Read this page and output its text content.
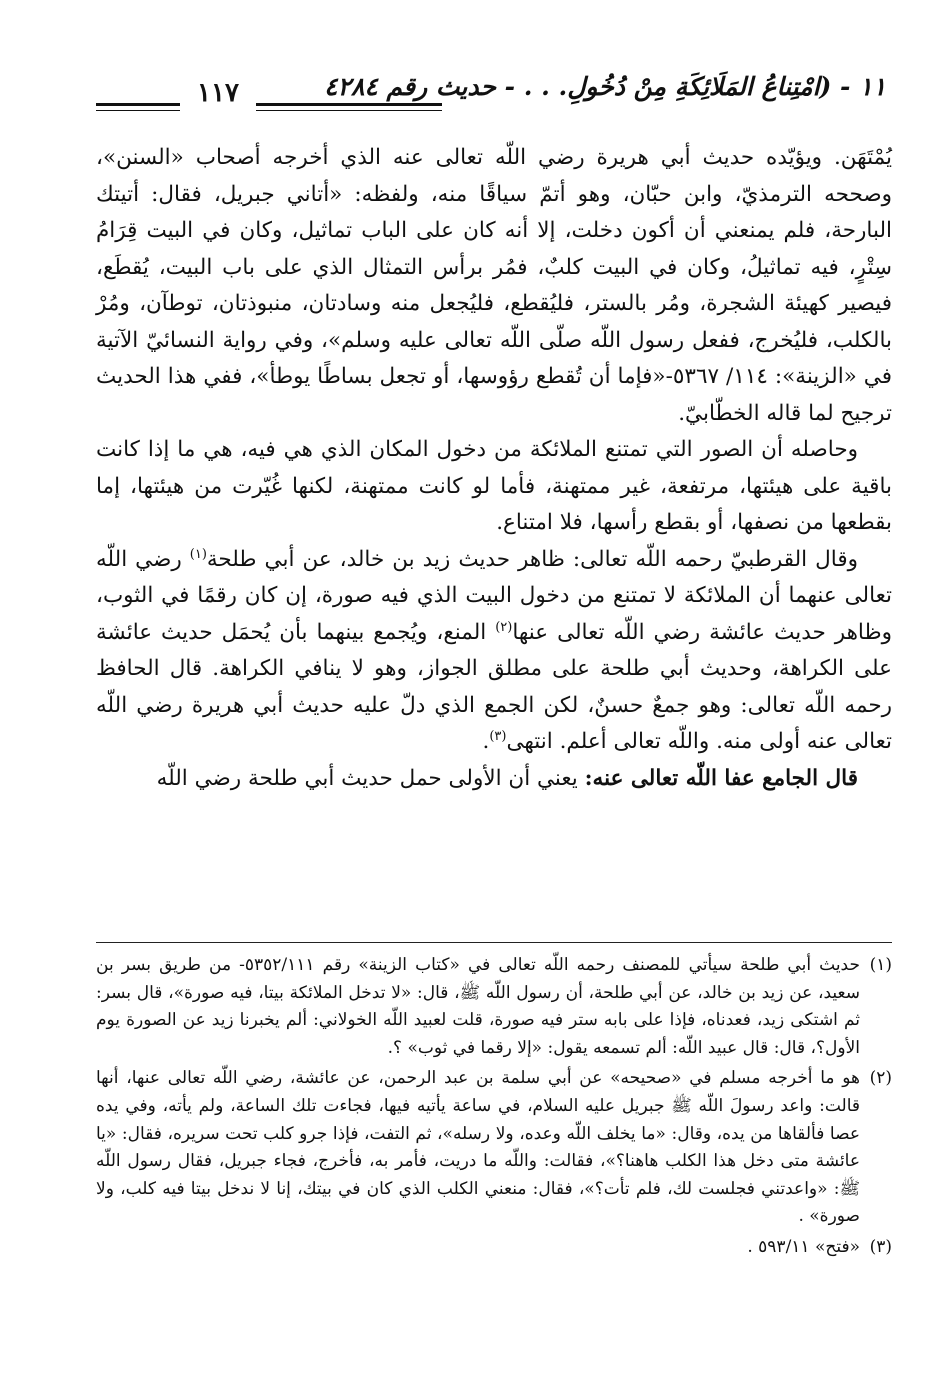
١١ - (امْتِناعُ المَلَائِكَةِ مِنْ دُخُولِ. . . - حديث رقم ٤٢٨٤
١١٧

يُمْتَهَن. ويؤيّده حديث أبي هريرة رضي اللّه تعالى عنه الذي أخرجه أصحاب «السنن»، وصححه الترمذيّ، وابن حبّان، وهو أتمّ سياقًا منه، ولفظه: «أتاني جبريل، فقال: أتيتك البارحة، فلم يمنعني أن أكون دخلت، إلا أنه كان على الباب تماثيل، وكان في البيت قِرَامُ سِتْرٍ، فيه تماثيلُ، وكان في البيت كلبٌ، فمُر برأس التمثال الذي على باب البيت، يُقطَع، فيصير كهيئة الشجرة، ومُر بالستر، فليُقطع، فليُجعل منه وسادتان، منبوذتان، توطآن، ومُرْ بالكلب، فليُخرج، ففعل رسول اللّه صلّى اللّه تعالى عليه وسلم»، وفي رواية النسائيّ الآتية في «الزينة»: ١١٤/ ٥٣٦٧-«فإما أن تُقطع رؤوسها، أو تجعل بساطًا يوطأ»، ففي هذا الحديث ترجيح لما قاله الخطّابيّ.

وحاصله أن الصور التي تمتنع الملائكة من دخول المكان الذي هي فيه، هي ما إذا كانت باقية على هيئتها، مرتفعة، غير ممتهنة، فأما لو كانت ممتهنة، لكنها غُيّرت من هيئتها، إما بقطعها من نصفها، أو بقطع رأسها، فلا امتناع.

وقال القرطبيّ رحمه اللّه تعالى: ظاهر حديث زيد بن خالد، عن أبي طلحة$^{(١)}$ رضي اللّه تعالى عنهما أن الملائكة لا تمتنع من دخول البيت الذي فيه صورة، إن كان رقمًا في الثوب، وظاهر حديث عائشة رضي اللّه تعالى عنها$^{(٢)}$ المنع، ويُجمع بينهما بأن يُحمَل حديث عائشة على الكراهة، وحديث أبي طلحة على مطلق الجواز، وهو لا ينافي الكراهة. قال الحافظ رحمه اللّه تعالى: وهو جمعٌ حسنٌ، لكن الجمع الذي دلّ عليه حديث أبي هريرة رضي اللّه تعالى عنه أولى منه. واللّه تعالى أعلم. انتهى$^{(٣)}$.

قال الجامع عفا اللّه تعالى عنه: يعني أن الأولى حمل حديث أبي طلحة رضي اللّه

(١)
حديث أبي طلحة سيأتي للمصنف رحمه اللّه تعالى في «كتاب الزينة» رقم ٥٣٥٢/١١١- من طريق بسر بن سعيد، عن زيد بن خالد، عن أبي طلحة، أن رسول اللّه ﷺ، قال: «لا تدخل الملائكة بيتا، فيه صورة»، قال بسر: ثم اشتكى زيد، فعدناه، فإذا على بابه ستر فيه صورة، قلت لعبيد اللّه الخولاني: ألم يخبرنا زيد عن الصورة يوم الأول؟، قال: قال عبيد اللّه: ألم تسمعه يقول: «إلا رقما في ثوب» ؟.
(٢)
هو ما أخرجه مسلم في «صحيحه» عن أبي سلمة بن عبد الرحمن، عن عائشة، رضي اللّه تعالى عنها، أنها قالت: واعد رسولَ اللّه ﷺ جبريل عليه السلام، في ساعة يأتيه فيها، فجاءت تلك الساعة، ولم يأته، وفي يده عصا فألقاها من يده، وقال: «ما يخلف اللّه وعده، ولا رسله»، ثم التفت، فإذا جرو كلب تحت سريره، فقال: «يا عائشة متى دخل هذا الكلب هاهنا؟»، فقالت: واللّه ما دريت، فأمر به، فأخرج، فجاء جبريل، فقال رسول اللّه ﷺ: «واعدتني فجلست لك، فلم تأت؟»، فقال: منعني الكلب الذي كان في بيتك، إنا لا ندخل بيتا فيه كلب، ولا صورة» .
(٣)
«فتح» ٥٩٣/١١ .
